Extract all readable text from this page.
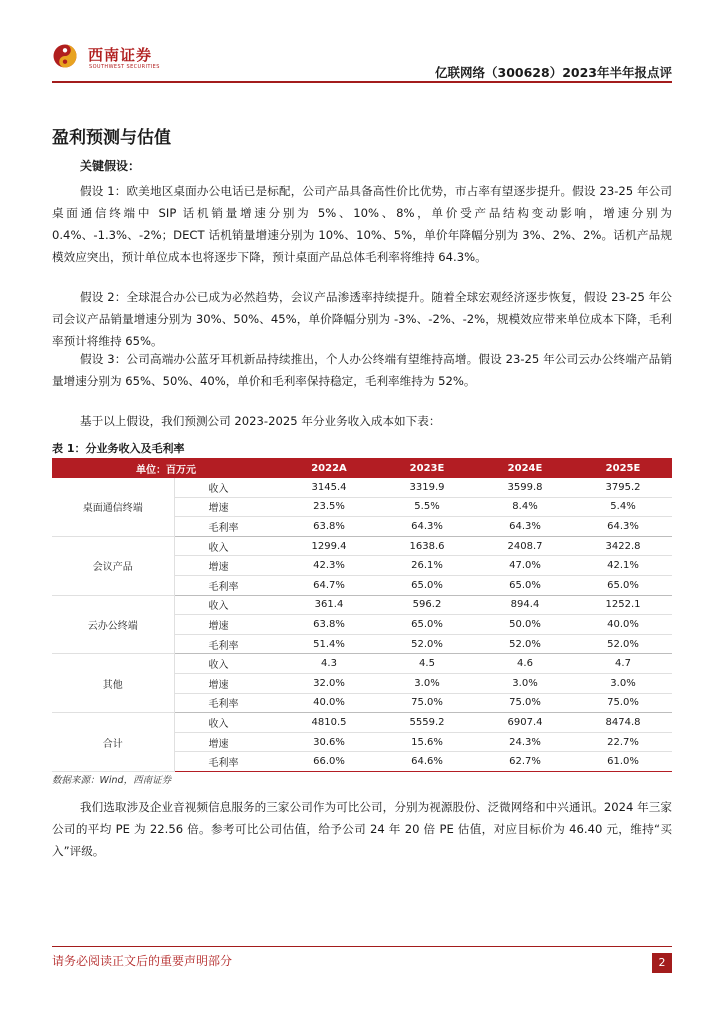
西南证券
SOUTHWEST SECURITIES	亿联网络（300628）2023年半年报点评
盈利预测与估值
关键假设：

假设 1：欧美地区桌面办公电话已是标配，公司产品具备高性价比优势，市占率有望逐步提升。假设 23-25 年公司桌面通信终端中 SIP 话机销量增速分别为 5%、10%、8%，单价受产品结构变动影响，增速分别为 0.4%、-1.3%、-2%；DECT 话机销量增速分别为 10%、10%、5%，单价年降幅分别为 3%、2%、2%。话机产品规模效应突出，预计单位成本也将逐步下降，预计桌面产品总体毛利率将维持 64.3%。

假设 2：全球混合办公已成为必然趋势，会议产品渗透率持续提升。随着全球宏观经济逐步恢复，假设 23-25 年公司会议产品销量增速分别为 30%、50%、45%，单价降幅分别为 -3%、-2%、-2%，规模效应带来单位成本下降，毛利率预计将维持 65%。

假设 3：公司高端办公蓝牙耳机新品持续推出，个人办公终端有望维持高增。假设 23-25 年公司云办公终端产品销量增速分别为 65%、50%、40%，单价和毛利率保持稳定，毛利率维持为 52%。

基于以上假设，我们预测公司 2023-2025 年分业务收入成本如下表：

表 1：分业务收入及毛利率
单位：百万元		2022A	2023E	2024E	2025E
桌面通信终端	收入	3145.4	3319.9	3599.8	3795.2
	增速	23.5%	5.5%	8.4%	5.4%
	毛利率	63.8%	64.3%	64.3%	64.3%
会议产品	收入	1299.4	1638.6	2408.7	3422.8
	增速	42.3%	26.1%	47.0%	42.1%
	毛利率	64.7%	65.0%	65.0%	65.0%
云办公终端	收入	361.4	596.2	894.4	1252.1
	增速	63.8%	65.0%	50.0%	40.0%
	毛利率	51.4%	52.0%	52.0%	52.0%
其他	收入	4.3	4.5	4.6	4.7
	增速	32.0%	3.0%	3.0%	3.0%
	毛利率	40.0%	75.0%	75.0%	75.0%
合计	收入	4810.5	5559.2	6907.4	8474.8
	增速	30.6%	15.6%	24.3%	22.7%
	毛利率	66.0%	64.6%	62.7%	61.0%
数据来源：Wind，西南证券

我们选取涉及企业音视频信息服务的三家公司作为可比公司，分别为视源股份、泛微网络和中兴通讯。2024 年三家公司的平均 PE 为 22.56 倍。参考可比公司估值，给予公司 24 年 20 倍 PE 估值，对应目标价为 46.40 元，维持“买入”评级。

请务必阅读正文后的重要声明部分	2
